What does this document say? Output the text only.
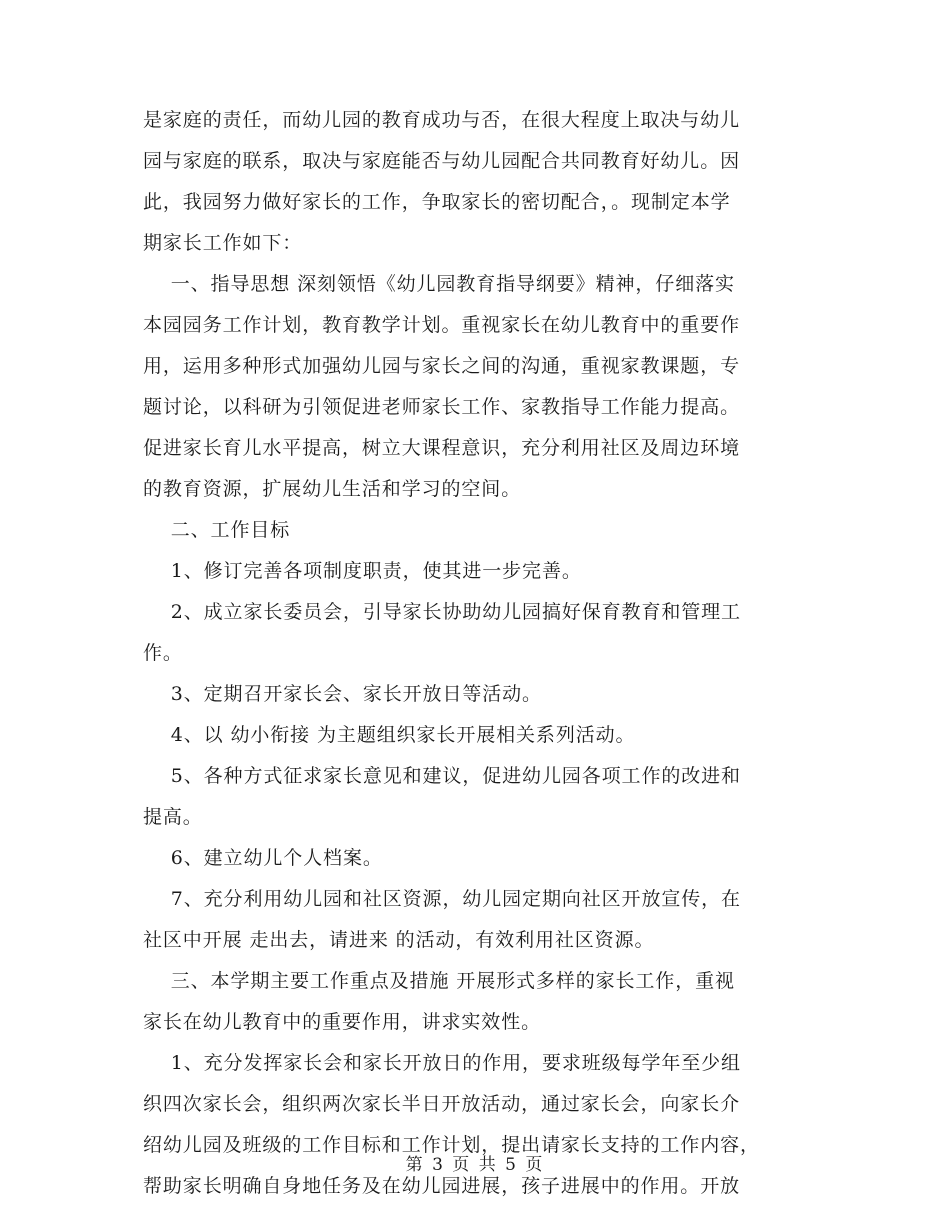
是家庭的责任，而幼儿园的教育成功与否，在很大程度上取决与幼儿
园与家庭的联系，取决与家庭能否与幼儿园配合共同教育好幼儿。因
此，我园努力做好家长的工作，争取家长的密切配合，。现制定本学
期家长工作如下：
一、指导思想 深刻领悟《幼儿园教育指导纲要》精神，仔细落实
本园园务工作计划，教育教学计划。重视家长在幼儿教育中的重要作
用，运用多种形式加强幼儿园与家长之间的沟通，重视家教课题，专
题讨论，以科研为引领促进老师家长工作、家教指导工作能力提高。
促进家长育儿水平提高，树立大课程意识，充分利用社区及周边环境
的教育资源，扩展幼儿生活和学习的空间。
二、工作目标
1、修订完善各项制度职责，使其进一步完善。
2、成立家长委员会，引导家长协助幼儿园搞好保育教育和管理工
作。
3、定期召开家长会、家长开放日等活动。
4、以 幼小衔接 为主题组织家长开展相关系列活动。
5、各种方式征求家长意见和建议，促进幼儿园各项工作的改进和
提高。
6、建立幼儿个人档案。
7、充分利用幼儿园和社区资源，幼儿园定期向社区开放宣传，在
社区中开展 走出去，请进来 的活动，有效利用社区资源。
三、本学期主要工作重点及措施 开展形式多样的家长工作，重视
家长在幼儿教育中的重要作用，讲求实效性。
1、充分发挥家长会和家长开放日的作用，要求班级每学年至少组
织四次家长会，组织两次家长半日开放活动，通过家长会，向家长介
绍幼儿园及班级的工作目标和工作计划，提出请家长支持的工作内容，
帮助家长明确自身地任务及在幼儿园进展，孩子进展中的作用。开放
第 3 页 共 5 页
